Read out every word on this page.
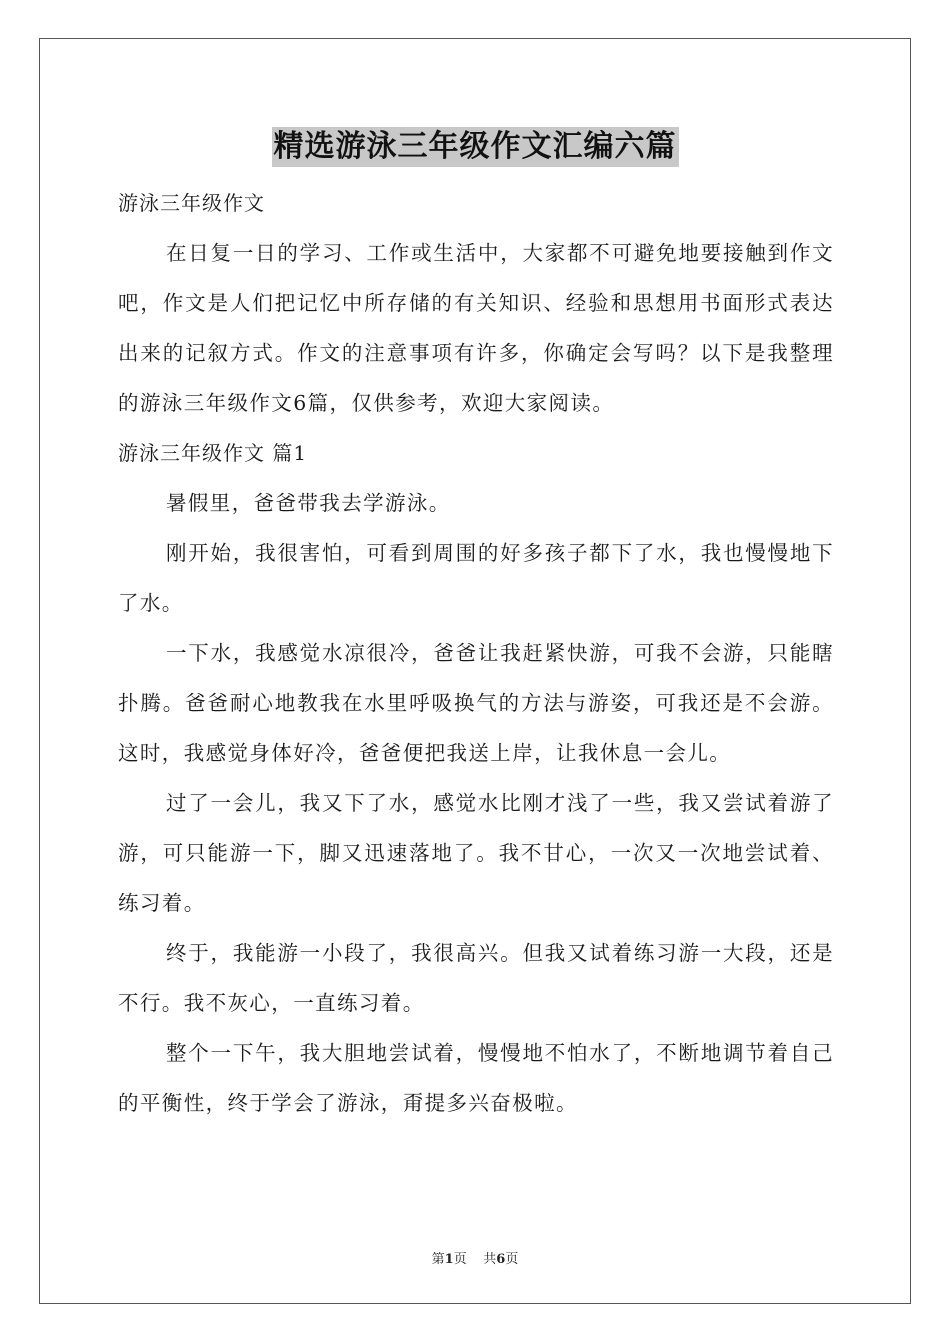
精选游泳三年级作文汇编六篇

游泳三年级作文

在日复一日的学习、工作或生活中，大家都不可避免地要接触到作文吧，作文是人们把记忆中所存储的有关知识、经验和思想用书面形式表达出来的记叙方式。作文的注意事项有许多，你确定会写吗？以下是我整理的游泳三年级作文6篇，仅供参考，欢迎大家阅读。

游泳三年级作文 篇1

暑假里，爸爸带我去学游泳。

刚开始，我很害怕，可看到周围的好多孩子都下了水，我也慢慢地下了水。

一下水，我感觉水凉很冷，爸爸让我赶紧快游，可我不会游，只能瞎扑腾。爸爸耐心地教我在水里呼吸换气的方法与游姿，可我还是不会游。这时，我感觉身体好冷，爸爸便把我送上岸，让我休息一会儿。

过了一会儿，我又下了水，感觉水比刚才浅了一些，我又尝试着游了游，可只能游一下，脚又迅速落地了。我不甘心，一次又一次地尝试着、练习着。

终于，我能游一小段了，我很高兴。但我又试着练习游一大段，还是不行。我不灰心，一直练习着。

整个一下午，我大胆地尝试着，慢慢地不怕水了，不断地调节着自己的平衡性，终于学会了游泳，甭提多兴奋极啦。

第1页 共6页
